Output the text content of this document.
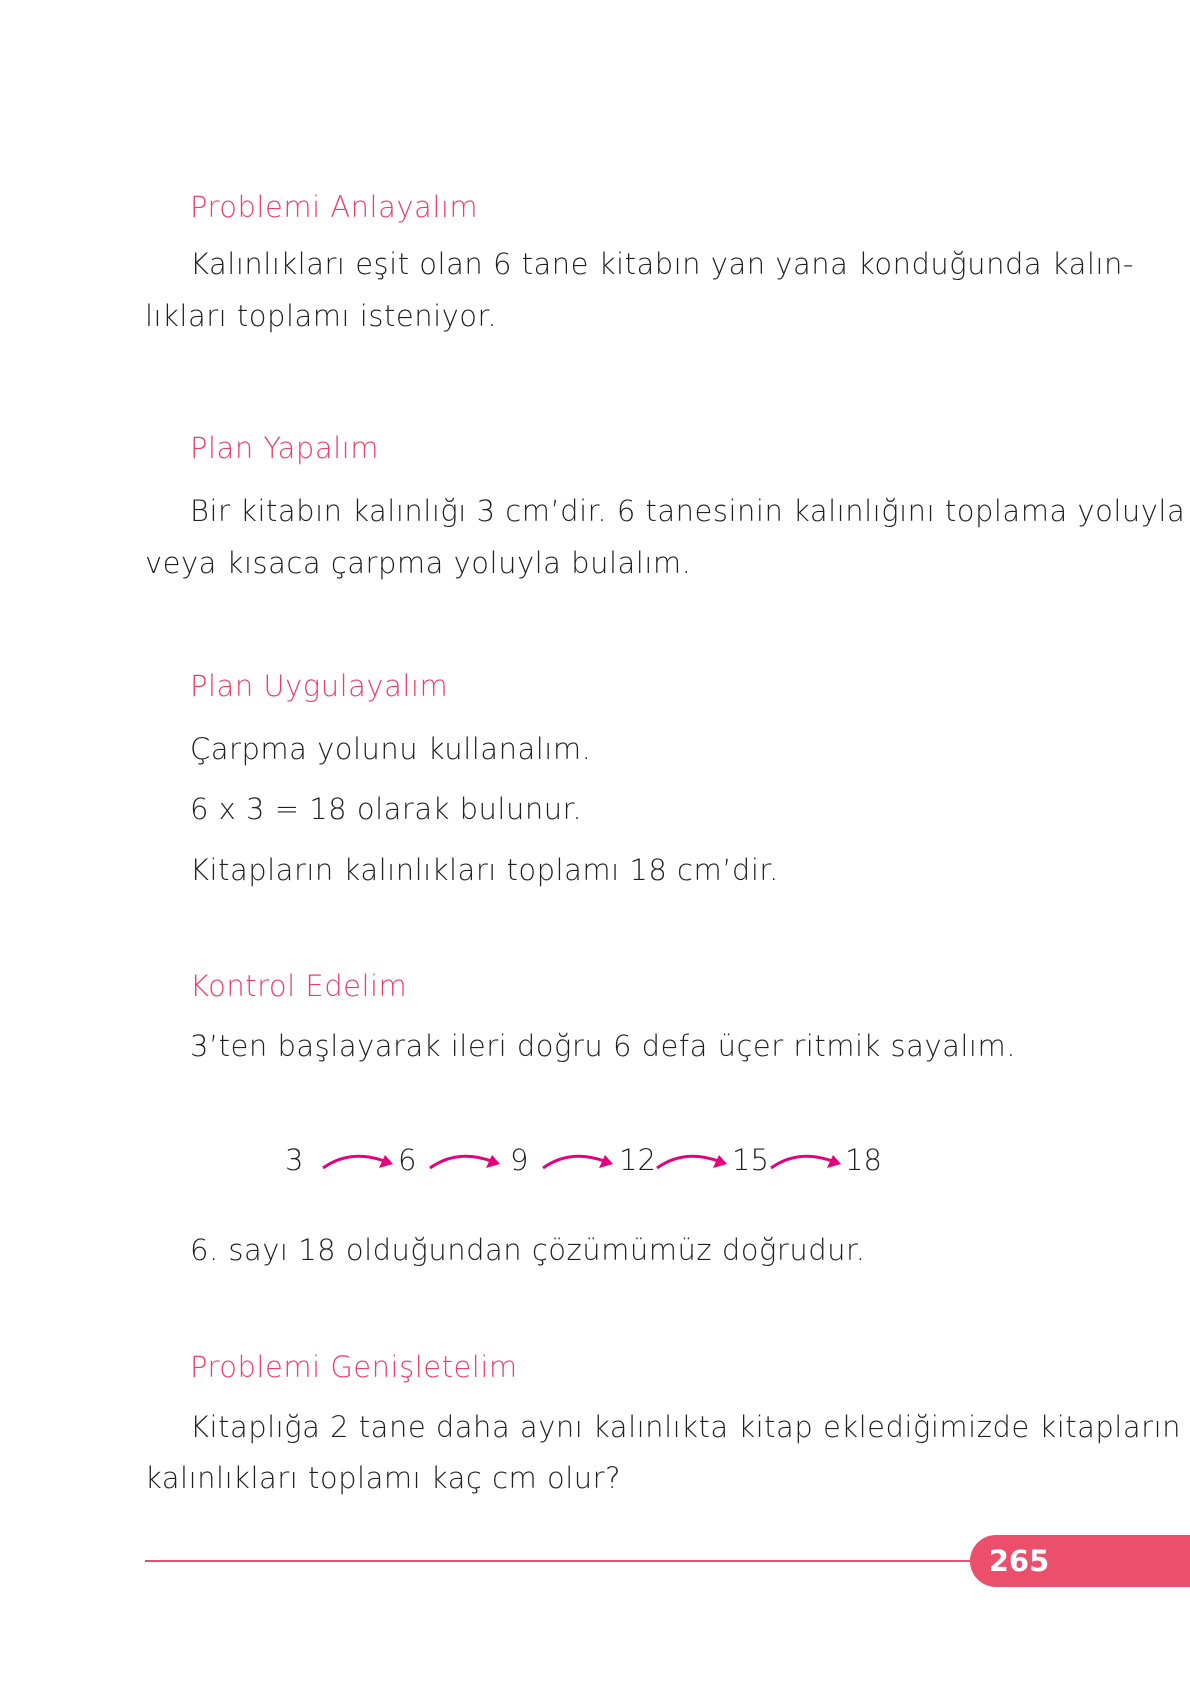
Problemi Anlayalım

Kalınlıkları eşit olan 6 tane kitabın yan yana konduğunda kalın-

lıkları toplamı isteniyor.

Plan Yapalım

Bir kitabın kalınlığı 3 cm’dir. 6 tanesinin kalınlığını toplama yoluyla

veya kısaca çarpma yoluyla bulalım.

Plan Uygulayalım

Çarpma yolunu kullanalım.

6 x 3 = 18 olarak bulunur.

Kitapların kalınlıkları toplamı 18 cm’dir.

Kontrol Edelim

3’ten başlayarak ileri doğru 6 defa üçer ritmik sayalım.

3	6	9	12	15	18

6. sayı 18 olduğundan çözümümüz doğrudur.

Problemi Genişletelim

Kitaplığa 2 tane daha aynı kalınlıkta kitap eklediğimizde kitapların

kalınlıkları toplamı kaç cm olur?

265
